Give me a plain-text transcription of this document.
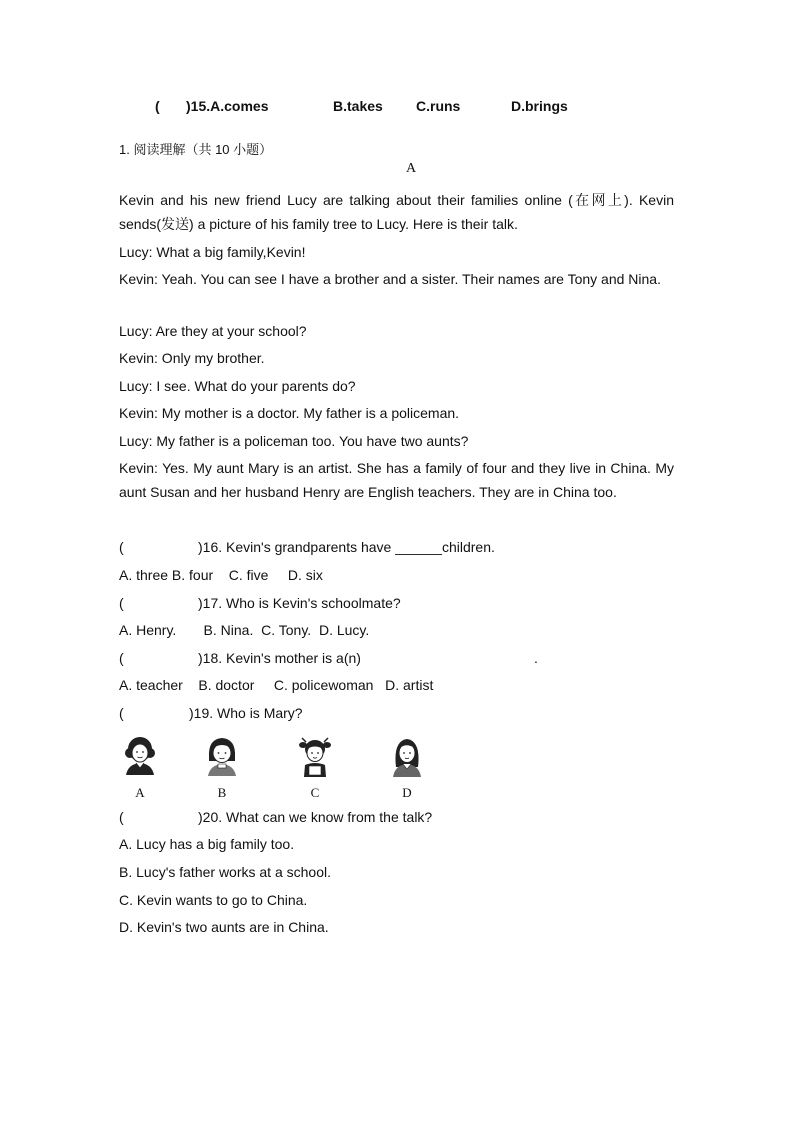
( )15.A.comes	B.takes C.runs	D.brings
1. 阅读理解（共 10 小题）
A
Kevin and his new friend Lucy are talking about their families online (在网上). Kevin sends(发送) a picture of his family tree to Lucy. Here is their talk.
Lucy: What a big family,Kevin!
Kevin: Yeah. You can see I have a brother and a sister. Their names are Tony and Nina.
Lucy: Are they at your school?
Kevin: Only my brother.
Lucy: I see. What do your parents do?
Kevin: My mother is a doctor. My father is a policeman.
Lucy: My father is a policeman too. You have two aunts?
Kevin: Yes. My aunt Mary is an artist. She has a family of four and they live in China. My aunt Susan and her husband Henry are English teachers. They are in China too.
(	)16. Kevin's grandparents have ______children.
A. three B. four    C. five     D. six
(	)17. Who is Kevin's schoolmate?
A. Henry.       B. Nina.  C. Tony.  D. Lucy.
(	)18. Kevin's mother is a(n)	.
A. teacher    B. doctor     C. policewoman   D. artist
(	)19. Who is Mary?
A	B	C	D
(	)20. What can we know from the talk?
A. Lucy has a big family too.
B. Lucy's father works at a school.
C. Kevin wants to go to China.
D. Kevin's two aunts are in China.
